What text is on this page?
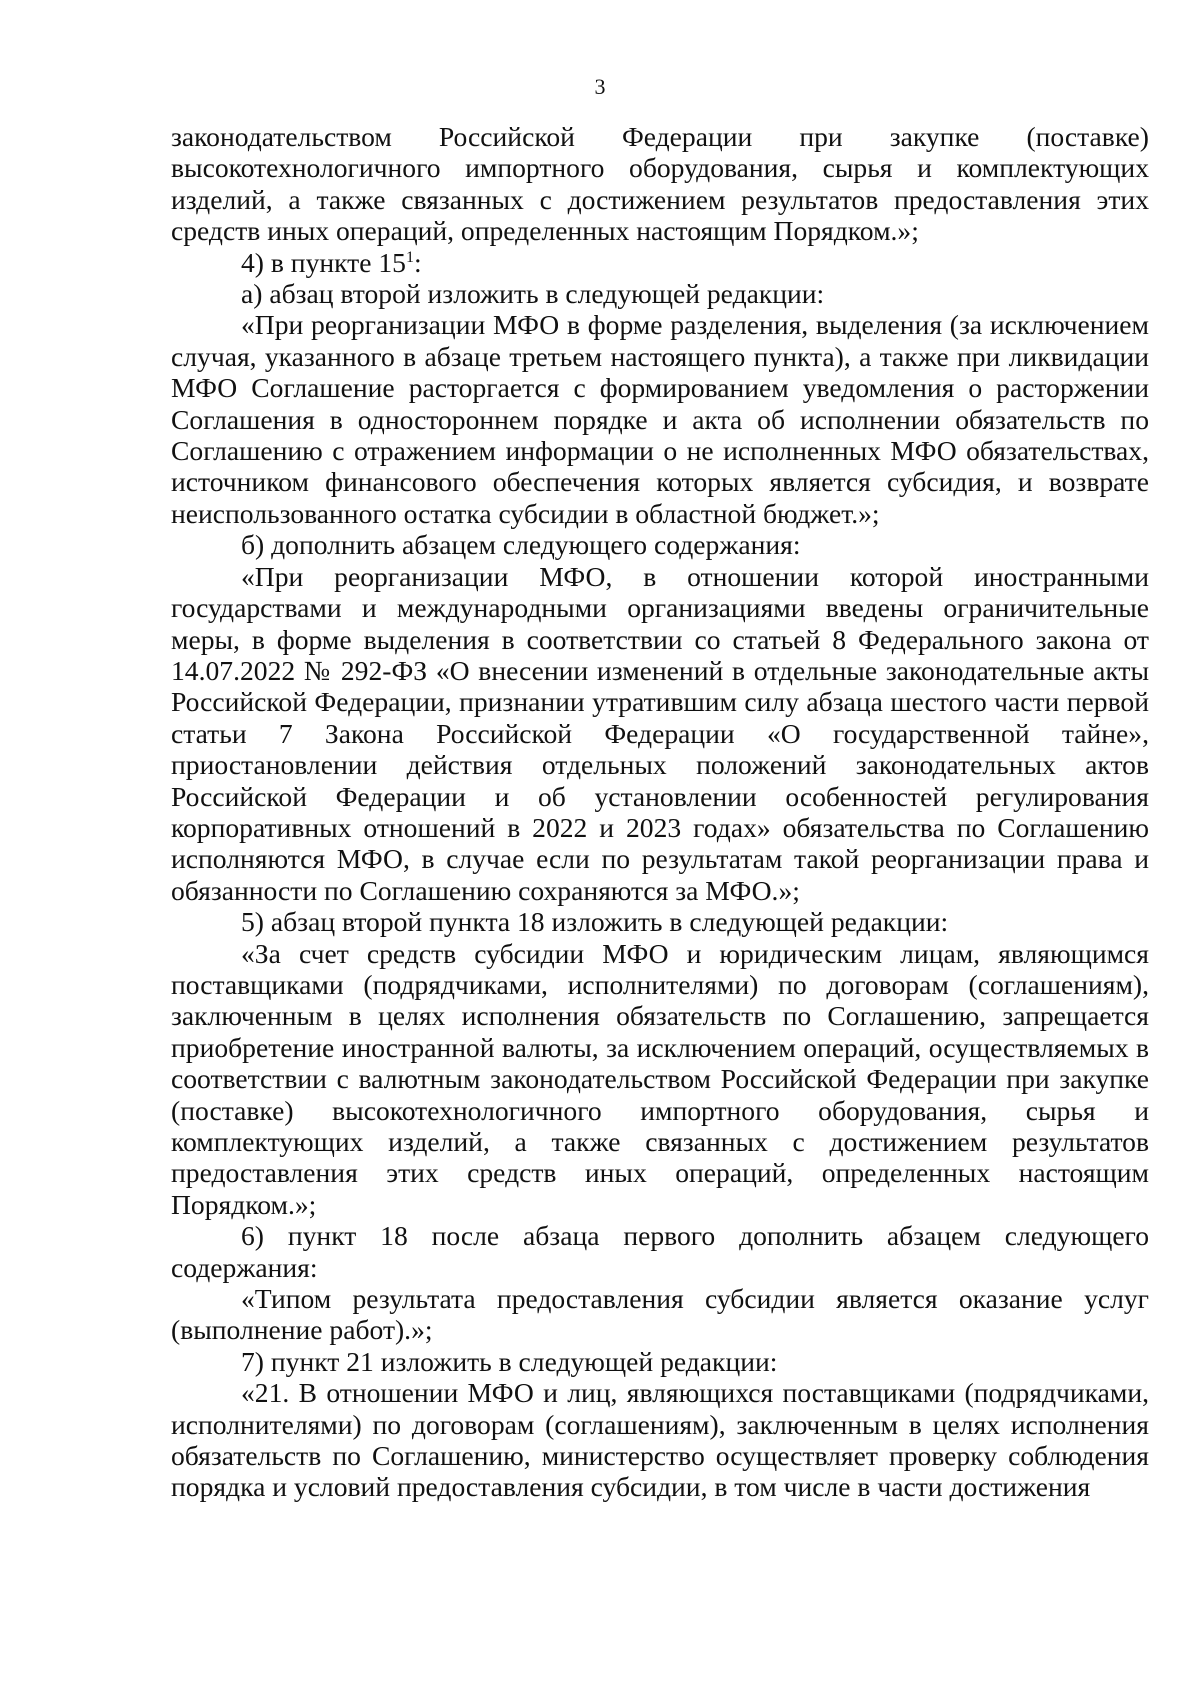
3

законодательством Российской Федерации при закупке (поставке) высокотехнологичного импортного оборудования, сырья и комплектующих изделий, а также связанных с достижением результатов предоставления этих средств иных операций, определенных настоящим Порядком.»;

4) в пункте $15^1$:

а) абзац второй изложить в следующей редакции:

«При реорганизации МФО в форме разделения, выделения (за исключением случая, указанного в абзаце третьем настоящего пункта), а также при ликвидации МФО Соглашение расторгается с формированием уведомления о расторжении Соглашения в одностороннем порядке и акта об исполнении обязательств по Соглашению с отражением информации о не исполненных МФО обязательствах, источником финансового обеспечения которых является субсидия, и возврате неиспользованного остатка субсидии в областной бюджет.»;

б) дополнить абзацем следующего содержания:

«При реорганизации МФО, в отношении которой иностранными государствами и международными организациями введены ограничительные меры, в форме выделения в соответствии со статьей 8 Федерального закона от 14.07.2022 № 292-ФЗ «О внесении изменений в отдельные законодательные акты Российской Федерации, признании утратившим силу абзаца шестого части первой статьи 7 Закона Российской Федерации «О государственной тайне», приостановлении действия отдельных положений законодательных актов Российской Федерации и об установлении особенностей регулирования корпоративных отношений в 2022 и 2023 годах» обязательства по Соглашению исполняются МФО, в случае если по результатам такой реорганизации права и обязанности по Соглашению сохраняются за МФО.»;

5) абзац второй пункта 18 изложить в следующей редакции:

«За счет средств субсидии МФО и юридическим лицам, являющимся поставщиками (подрядчиками, исполнителями) по договорам (соглашениям), заключенным в целях исполнения обязательств по Соглашению, запрещается приобретение иностранной валюты, за исключением операций, осуществляемых в соответствии с валютным законодательством Российской Федерации при закупке (поставке) высокотехнологичного импортного оборудования, сырья и комплектующих изделий, а также связанных с достижением результатов предоставления этих средств иных операций, определенных настоящим Порядком.»;

6) пункт 18 после абзаца первого дополнить абзацем следующего содержания:

«Типом результата предоставления субсидии является оказание услуг (выполнение работ).»;

7) пункт 21 изложить в следующей редакции:

«21. В отношении МФО и лиц, являющихся поставщиками (подрядчиками, исполнителями) по договорам (соглашениям), заключенным в целях исполнения обязательств по Соглашению, министерство осуществляет проверку соблюдения порядка и условий предоставления субсидии, в том числе в части достижения
